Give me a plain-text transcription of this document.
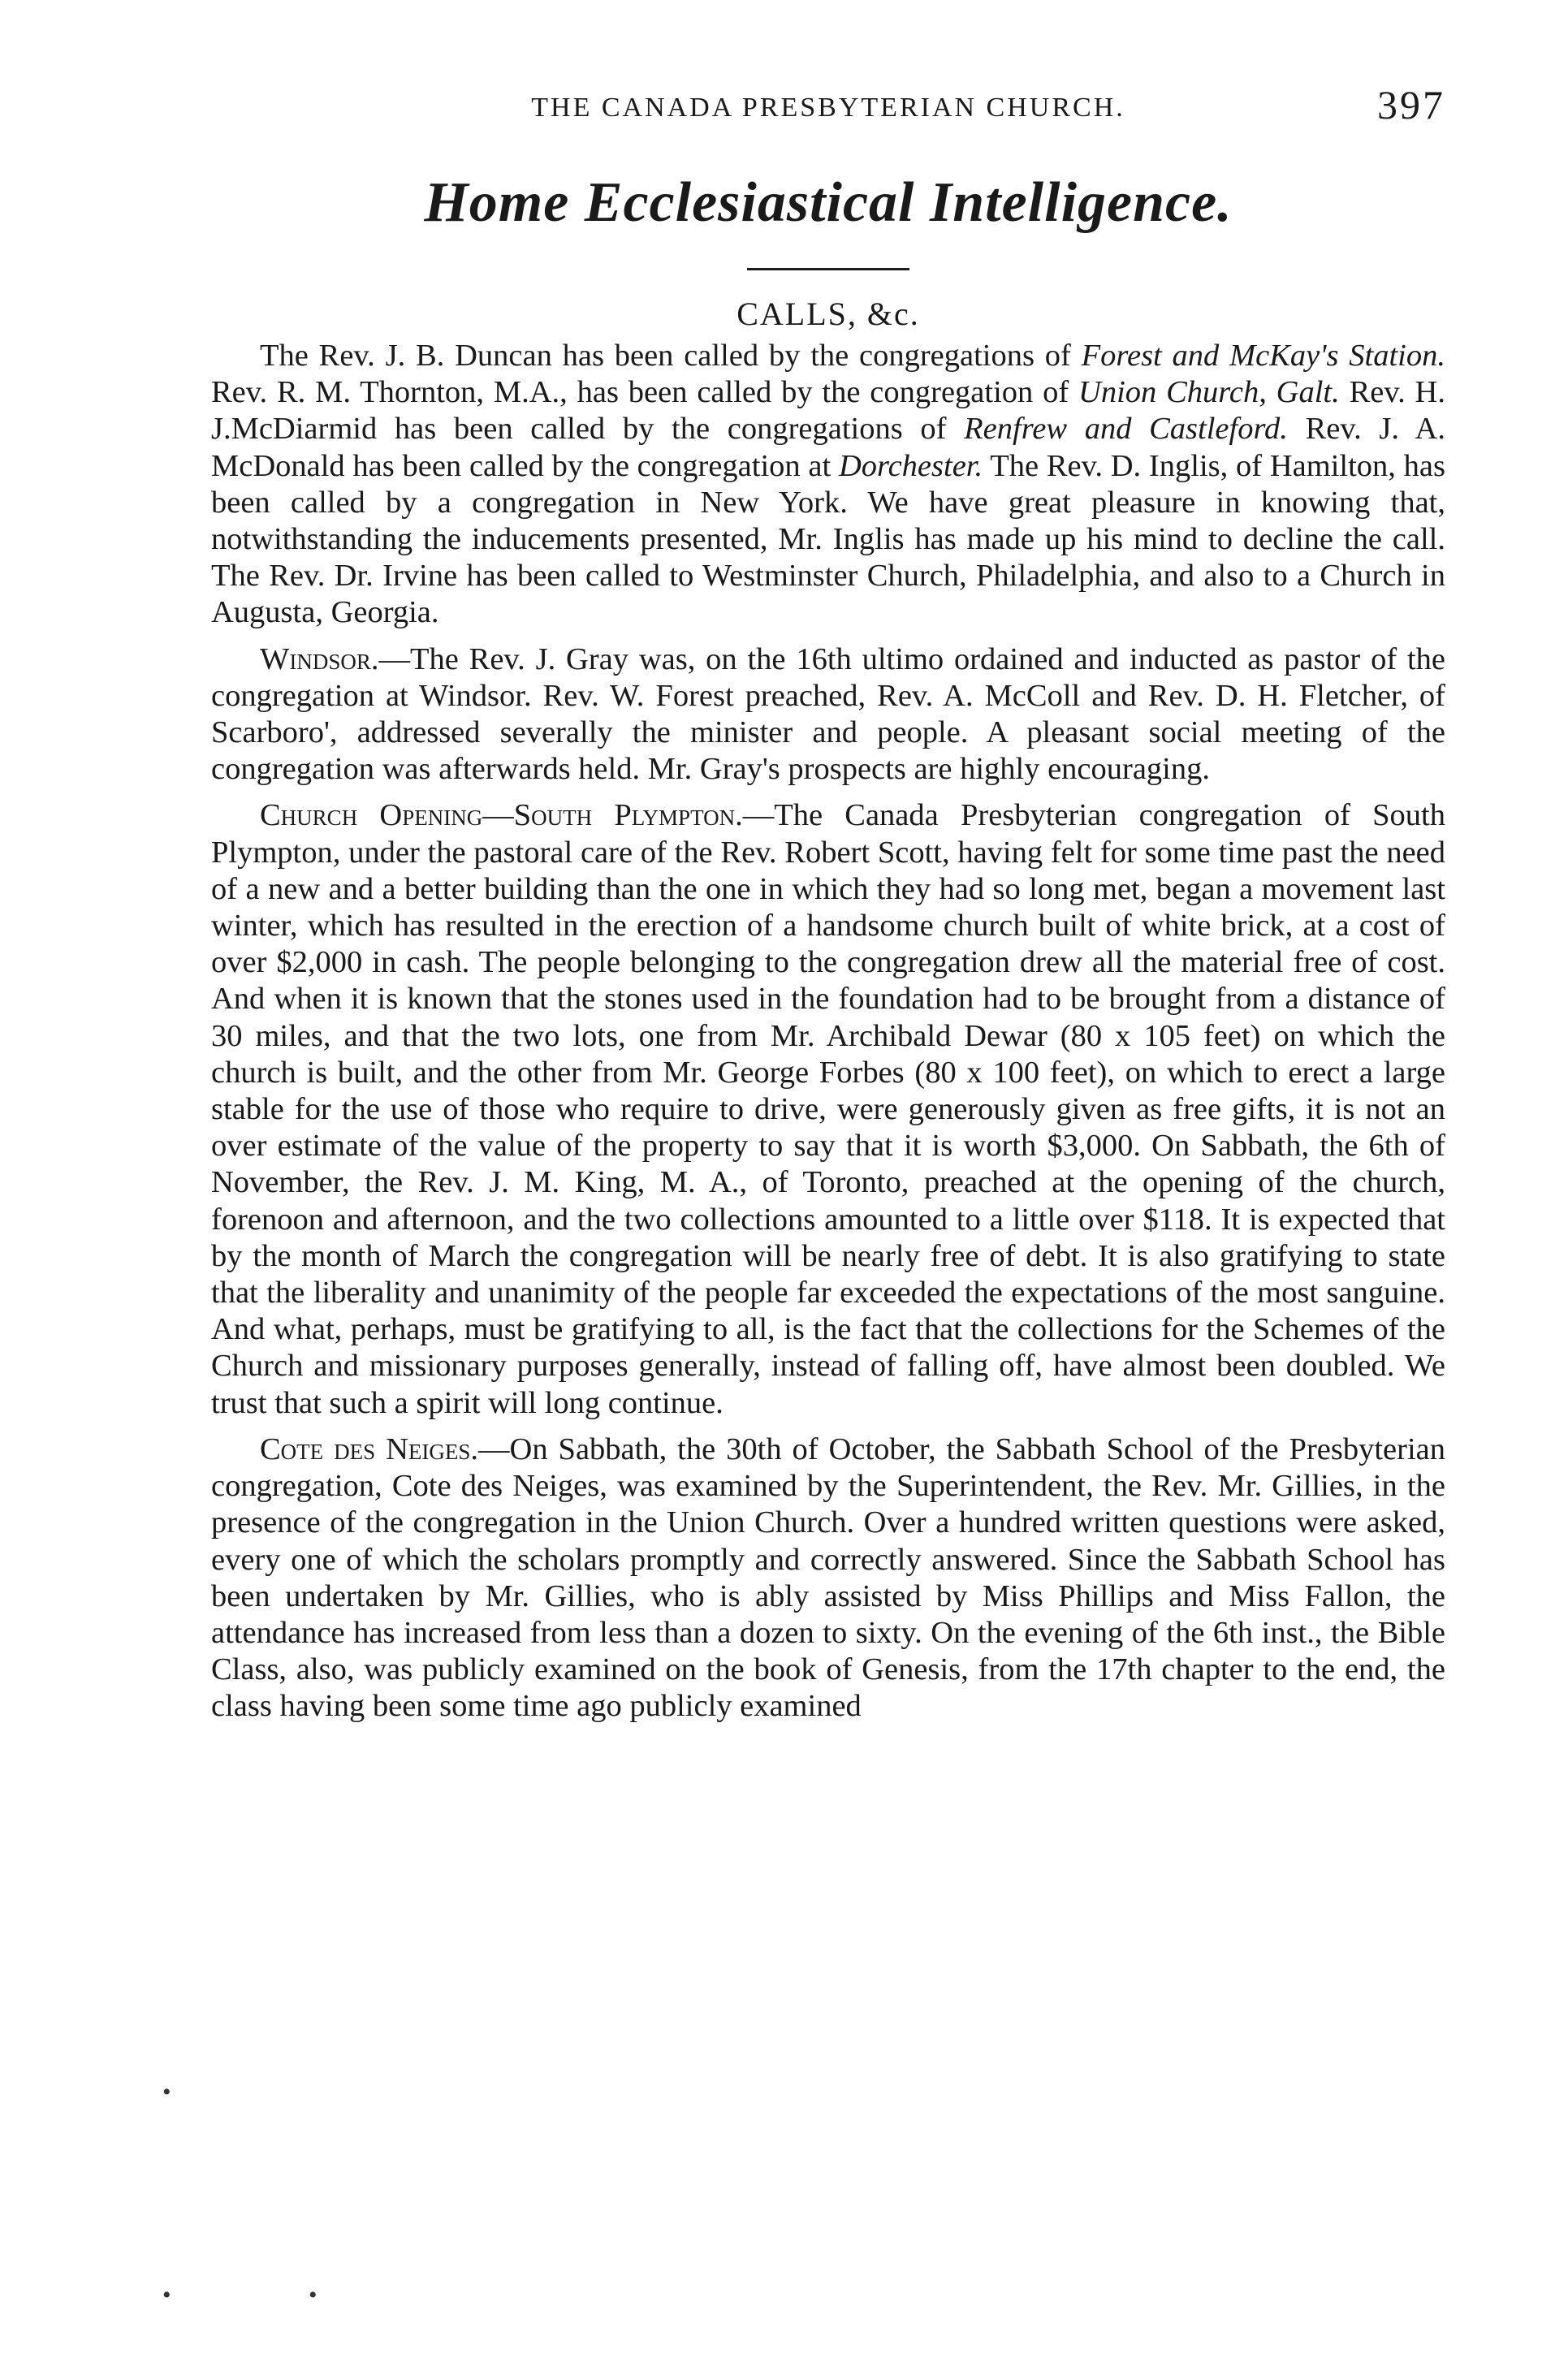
THE CANADA PRESBYTERIAN CHURCH.	397
Home Ecclesiastical Intelligence.
CALLS, &c.

The Rev. J. B. Duncan has been called by the congregations of Forest and McKay's Station. Rev. R. M. Thornton, M.A., has been called by the congregation of Union Church, Galt. Rev. H. J.McDiarmid has been called by the congregations of Renfrew and Castleford. Rev. J. A. McDonald has been called by the congregation at Dorchester. The Rev. D. Inglis, of Hamilton, has been called by a congregation in New York. We have great pleasure in knowing that, notwithstanding the inducements presented, Mr. Inglis has made up his mind to decline the call. The Rev. Dr. Irvine has been called to Westminster Church, Philadelphia, and also to a Church in Augusta, Georgia.

Windsor.—The Rev. J. Gray was, on the 16th ultimo ordained and inducted as pastor of the congregation at Windsor. Rev. W. Forest preached, Rev. A. McColl and Rev. D. H. Fletcher, of Scarboro', addressed severally the minister and people. A pleasant social meeting of the congregation was afterwards held. Mr. Gray's prospects are highly encouraging.

Church Opening—South Plympton.—The Canada Presbyterian congregation of South Plympton, under the pastoral care of the Rev. Robert Scott, having felt for some time past the need of a new and a better building than the one in which they had so long met, began a movement last winter, which has resulted in the erection of a handsome church built of white brick, at a cost of over $2,000 in cash. The people belonging to the congregation drew all the material free of cost. And when it is known that the stones used in the foundation had to be brought from a distance of 30 miles, and that the two lots, one from Mr. Archibald Dewar (80 x 105 feet) on which the church is built, and the other from Mr. George Forbes (80 x 100 feet), on which to erect a large stable for the use of those who require to drive, were generously given as free gifts, it is not an over estimate of the value of the property to say that it is worth $3,000. On Sabbath, the 6th of November, the Rev. J. M. King, M. A., of Toronto, preached at the opening of the church, forenoon and afternoon, and the two collections amounted to a little over $118. It is expected that by the month of March the congregation will be nearly free of debt. It is also gratifying to state that the liberality and unanimity of the people far exceeded the expectations of the most sanguine. And what, perhaps, must be gratifying to all, is the fact that the collections for the Schemes of the Church and missionary purposes generally, instead of falling off, have almost been doubled. We trust that such a spirit will long continue.

Cote des Neiges.—On Sabbath, the 30th of October, the Sabbath School of the Presbyterian congregation, Cote des Neiges, was examined by the Superintendent, the Rev. Mr. Gillies, in the presence of the congregation in the Union Church. Over a hundred written questions were asked, every one of which the scholars promptly and correctly answered. Since the Sabbath School has been undertaken by Mr. Gillies, who is ably assisted by Miss Phillips and Miss Fallon, the attendance has increased from less than a dozen to sixty. On the evening of the 6th inst., the Bible Class, also, was publicly examined on the book of Genesis, from the 17th chapter to the end, the class having been some time ago publicly examined

•
•	•
